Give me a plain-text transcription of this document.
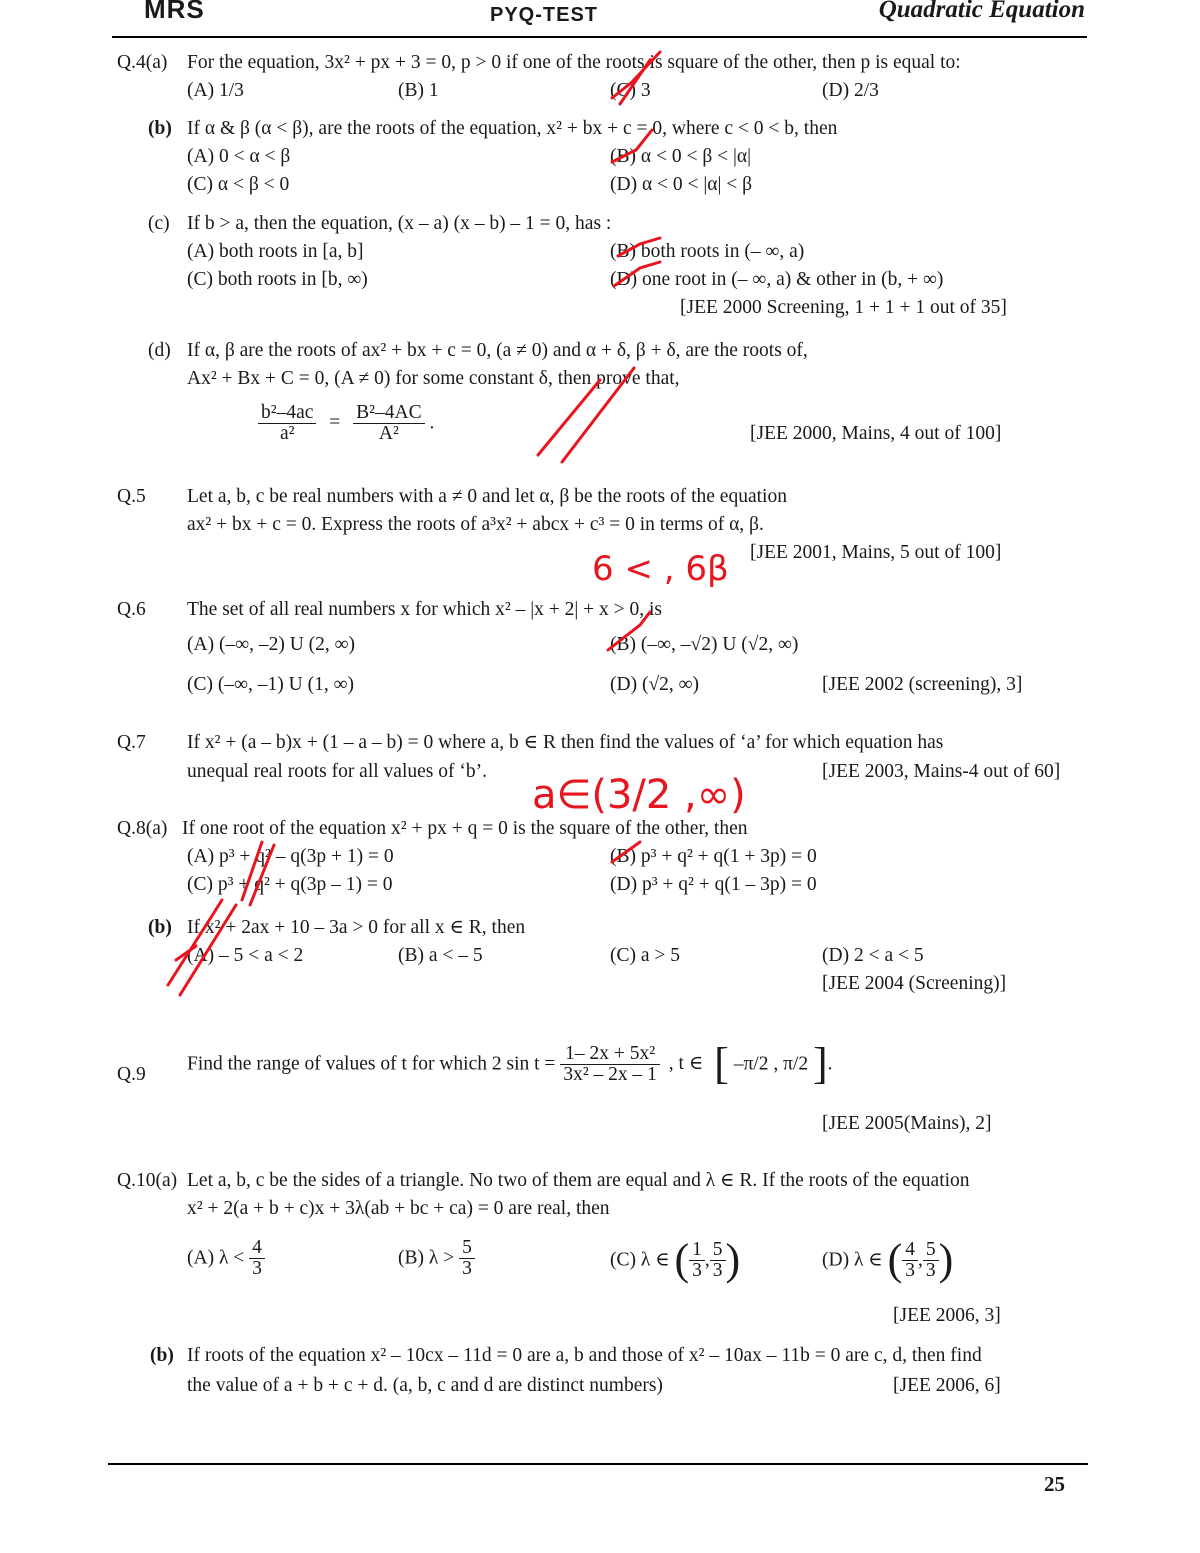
MRS	PYQ-TEST	Quadratic Equation
Q.4(a) For the equation, 3x² + px + 3 = 0, p > 0 if one of the roots is square of the other, then p is equal to:
(A) 1/3	(B) 1	(C) 3	(D) 2/3
(b) If α & β (α < β), are the roots of the equation, x² + bx + c = 0, where c < 0 < b, then
(A) 0 < α < β	(B) α < 0 < β < |α|
(C) α < β < 0	(D) α < 0 < |α| < β
(c) If b > a, then the equation, (x – a) (x – b) – 1 = 0, has :
(A) both roots in [a, b]	(B) both roots in (– ∞, a)
(C) both roots in [b, ∞)	(D) one root in (– ∞, a) & other in (b, + ∞)
[JEE 2000 Screening, 1 + 1 + 1 out of 35]
(d) If α, β are the roots of ax² + bx + c = 0, (a ≠ 0) and α + δ, β + δ, are the roots of,
Ax² + Bx + C = 0, (A ≠ 0) for some constant δ, then prove that,
$\frac{\text{b²–4ac}}{\text{a²}} = \frac{\text{B²–4AC}}{\text{A²}}$ .
[JEE 2000, Mains, 4 out of 100]
Q.5 Let a, b, c be real numbers with a ≠ 0 and let α, β be the roots of the equation
ax² + bx + c = 0. Express the roots of a³x² + abcx + c³ = 0 in terms of α, β.
[JEE 2001, Mains, 5 out of 100]
Q.6 The set of all real numbers x for which x² – |x + 2| + x > 0, is
(A) (–∞, –2) U (2, ∞)	(B) (–∞, –√2) U (√2, ∞)
(C) (–∞, –1) U (1, ∞)	(D) (√2, ∞)	[JEE 2002 (screening), 3]
Q.7 If x² + (a – b)x + (1 – a – b) = 0 where a, b ∈ R then find the values of ‘a’ for which equation has
unequal real roots for all values of ‘b’.	[JEE 2003, Mains-4 out of 60]
Q.8(a) If one root of the equation x² + px + q = 0 is the square of the other, then
(A) p³ + q² – q(3p + 1) = 0	(B) p³ + q² + q(1 + 3p) = 0
(C) p³ + q² + q(3p – 1) = 0	(D) p³ + q² + q(1 – 3p) = 0
(b) If x² + 2ax + 10 – 3a > 0 for all x ∈ R, then
(A) – 5 < a < 2	(B) a < – 5	(C) a > 5	(D) 2 < a < 5
[JEE 2004 (Screening)]
Q.9
Find the range of values of t for which 2 $\sin t = \frac{\text{1– 2x + 5x²}}{\text{3x² – 2x – 1}}$ , t ∈ [ –π/2 , π/2 ].
[JEE 2005(Mains), 2]
Q.10(a) Let a, b, c be the sides of a triangle. No two of them are equal and λ ∈ R. If the roots of the equation
x² + 2(a + b + c)x + 3λ(ab + bc + ca) = 0 are real, then
(A) $\lambda < \frac{4}{3}$	(B) $\lambda > \frac{5}{3}$	(C) λ ∈ ( $\frac{1}{3}$ , $\frac{5}{3}$ )	(D) λ ∈ ( $\frac{4}{3}$ , $\frac{5}{3}$ )
[JEE 2006, 3]
(b) If roots of the equation x² – 10cx – 11d = 0 are a, b and those of x² – 10ax – 11b = 0 are c, d, then find
the value of a + b + c + d. (a, b, c and d are distinct numbers)	[JEE 2006, 6]
25
6 < , 6β
a∈(3/2 ,∞)
